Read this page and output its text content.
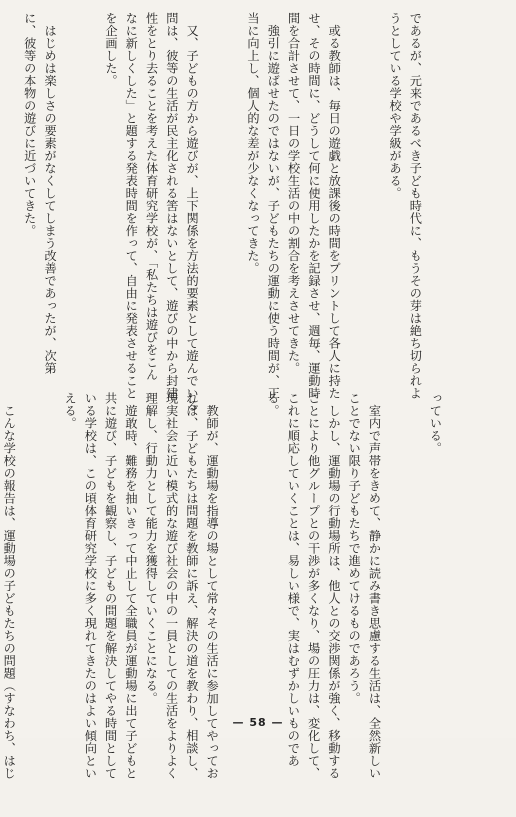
であるが、元来であるべき子ども時代に、もうその芽は絶ち切られよ
うとしている学校や学級がある。

　或る教師は、毎日の遊戯と放課後の時間をプリントして各人に持た
せ、その時間に、どうして何に使用したかを記録させ、週毎、運動時
間を合計させて、一日の学校生活の中の割合を考えさせてきた。
　強引に遊ばせたのではないが、子どもたちの運動に使う時間が、正
当に向上し、個人的な差が少なくなってきた。

　又、子どもの方から遊びが、上下関係を方法的要素として遊んでいる
問は、彼等の生活が民主化される筈はないとして、遊びの中から封建
性をとり去ることを考えた体育研究学校が、「私たちは遊びをこん
なに新しくした」と題する発表時間を作って、自由に発表させること
を企画した。

　はじめは楽しさの要素がなくしてしまう改善であったが、次第
に、彼等の本物の遊びに近づいてきた。

っている。

　室内で声帯をきめて、静かに読み書き思慮する生活は、全然新しい
ことでない限り子どもたちで進めてけるものであろう。
　しかし、運動場の行動場所は、他人との交渉関係が強く、移動する
ことにより他グループとの干渉が多くなり、場の圧力は、変化して、
これに順応していくことは、易しい様で、実はむずかしいものであ
る。

　教師が、運動場を指導の場として常々その生活に参加してやってお
れば、子どもたちは問題を教師に訴え、解決の道を教わり、相談し、
現実社会に近い模式的な遊び社会の中の一員としての生活をよりよく
理解し、行動力として能力を獲得していくことになる。
　遊敢時、難務を抽いきって中止して全職員が運動場に出て子どもと
共に遊び、子どもを観察し、子どもの問題を解決してやる時間として
いる学校は、この頃体育研究学校に多く現れてきたのはよい傾向とい
える。

　こんな学校の報告は、運動場の子どもたちの問題（すなわち、はじ

	— 58 —
